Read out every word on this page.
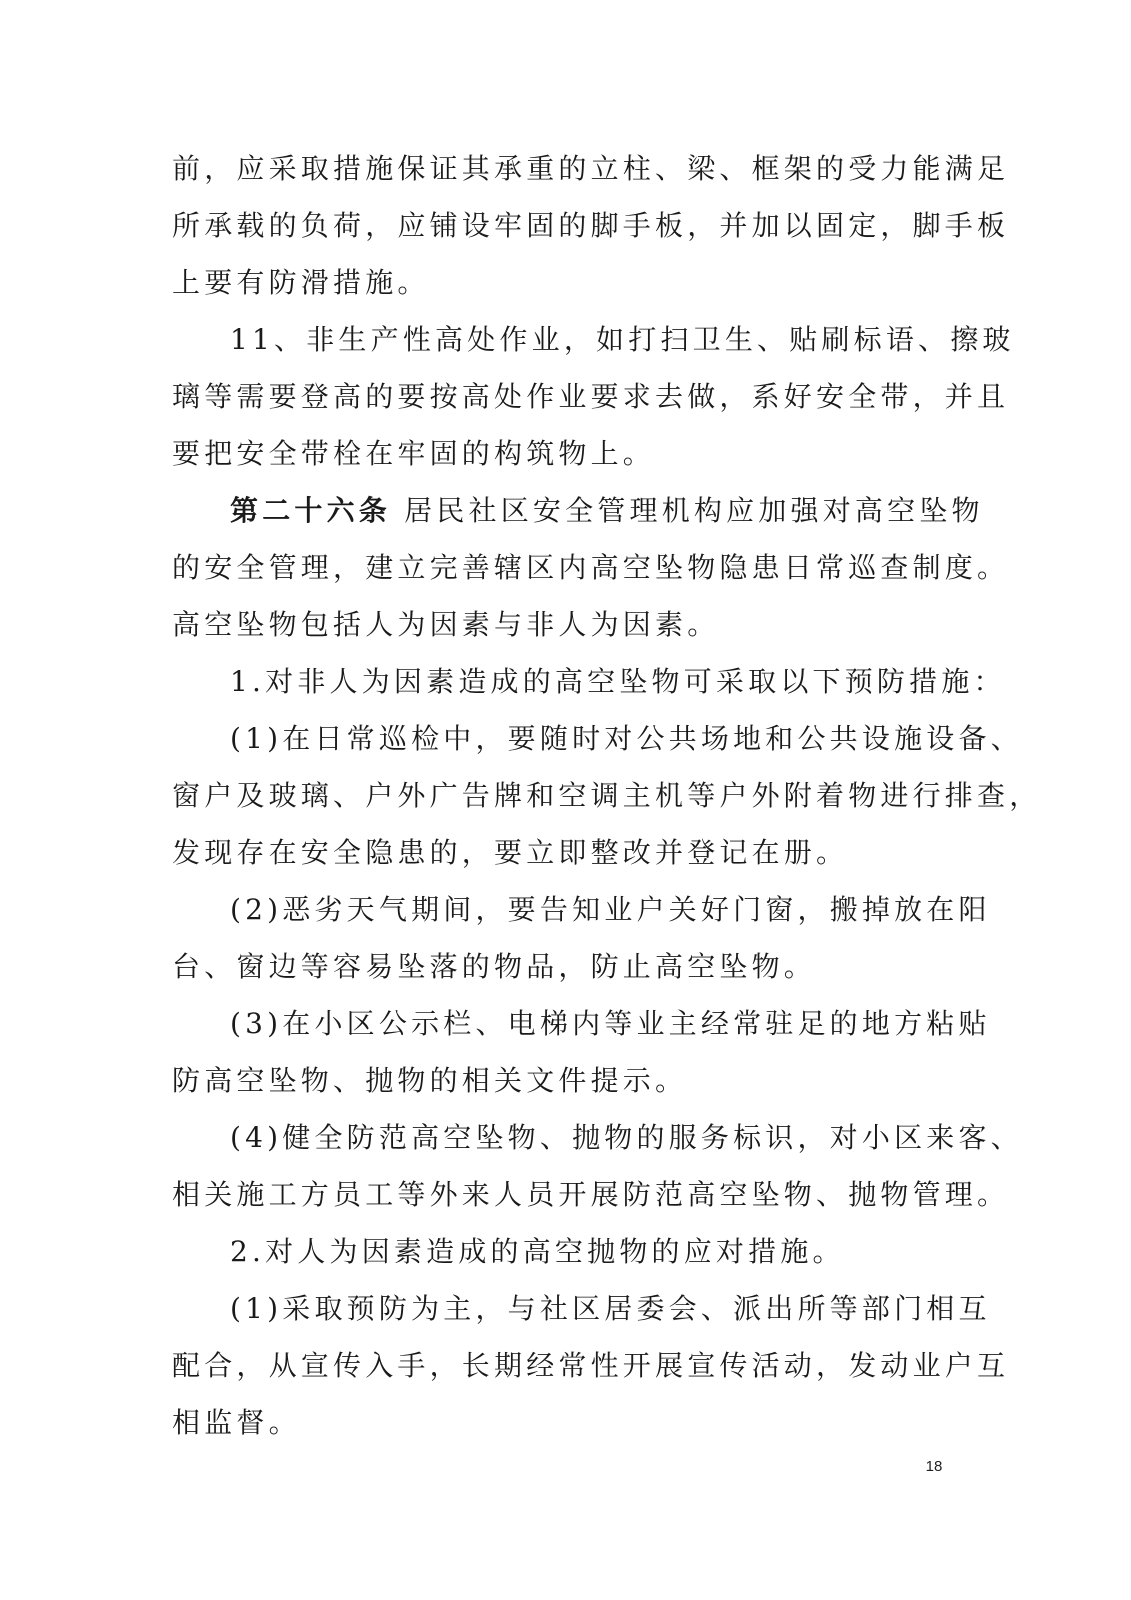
前，应采取措施保证其承重的立柱、梁、框架的受力能满足
所承载的负荷，应铺设牢固的脚手板，并加以固定，脚手板
上要有防滑措施。
11、非生产性高处作业，如打扫卫生、贴刷标语、擦玻
璃等需要登高的要按高处作业要求去做，系好安全带，并且
要把安全带栓在牢固的构筑物上。
第二十六条 居民社区安全管理机构应加强对高空坠物
的安全管理，建立完善辖区内高空坠物隐患日常巡查制度。
高空坠物包括人为因素与非人为因素。
1.对非人为因素造成的高空坠物可采取以下预防措施：
(1)在日常巡检中，要随时对公共场地和公共设施设备、
窗户及玻璃、户外广告牌和空调主机等户外附着物进行排查，
发现存在安全隐患的，要立即整改并登记在册。
(2)恶劣天气期间，要告知业户关好门窗，搬掉放在阳
台、窗边等容易坠落的物品，防止高空坠物。
(3)在小区公示栏、电梯内等业主经常驻足的地方粘贴
防高空坠物、抛物的相关文件提示。
(4)健全防范高空坠物、抛物的服务标识，对小区来客、
相关施工方员工等外来人员开展防范高空坠物、抛物管理。
2.对人为因素造成的高空抛物的应对措施。
(1)采取预防为主，与社区居委会、派出所等部门相互
配合，从宣传入手，长期经常性开展宣传活动，发动业户互
相监督。
18
